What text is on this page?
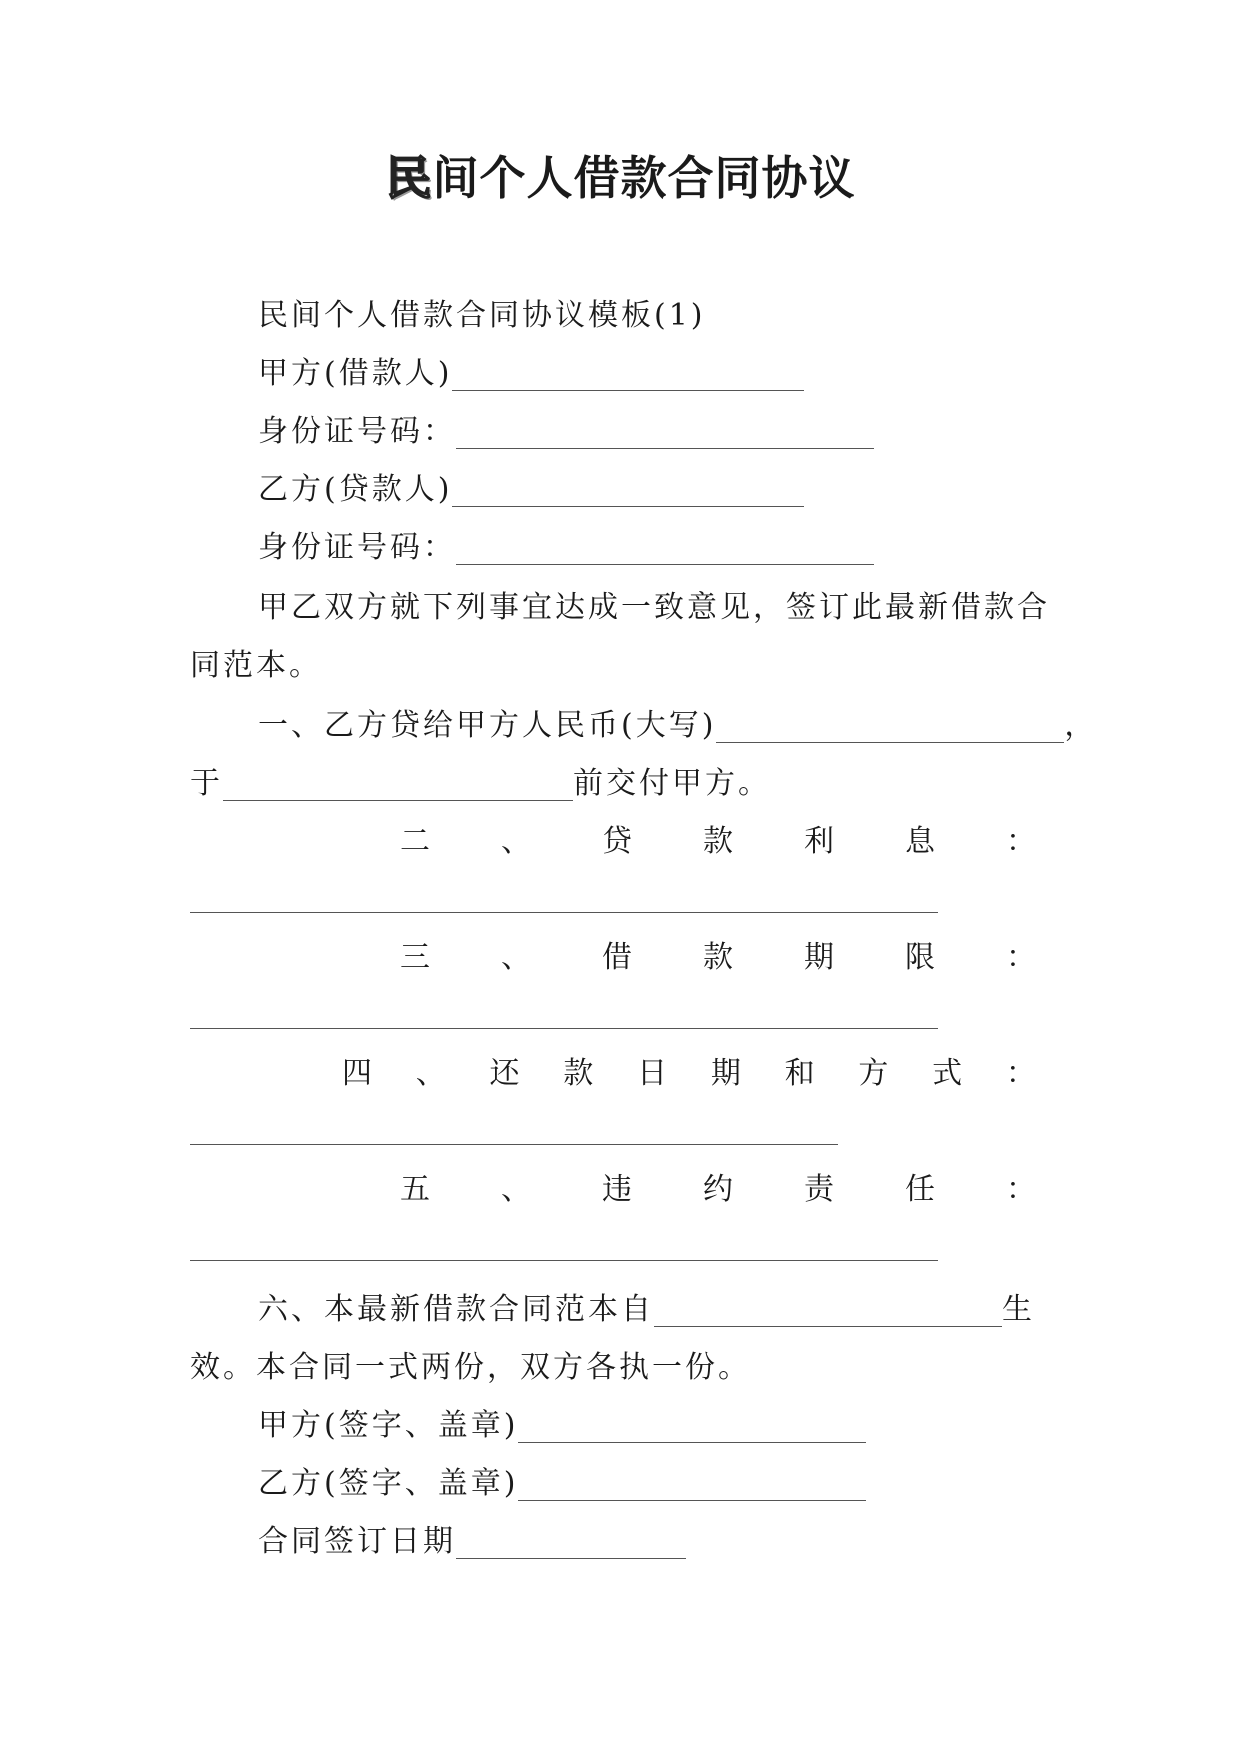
民间个人借款合同协议
民间个人借款合同协议模板(1)
甲方(借款人)
身份证号码：
乙方(贷款人)
身份证号码：
甲乙双方就下列事宜达成一致意见，签订此最新借款合
同范本。
一、乙方贷给甲方人民币(大写)	，
于	前交付甲方。
二 、 贷 款 利 息 ：
三 、 借 款 期 限 ：
四 、 还 款 日 期 和 方 式 ：
五 、 违 约 责 任 ：
六、本最新借款合同范本自	生
效。本合同一式两份，双方各执一份。
甲方(签字、盖章)
乙方(签字、盖章)
合同签订日期
